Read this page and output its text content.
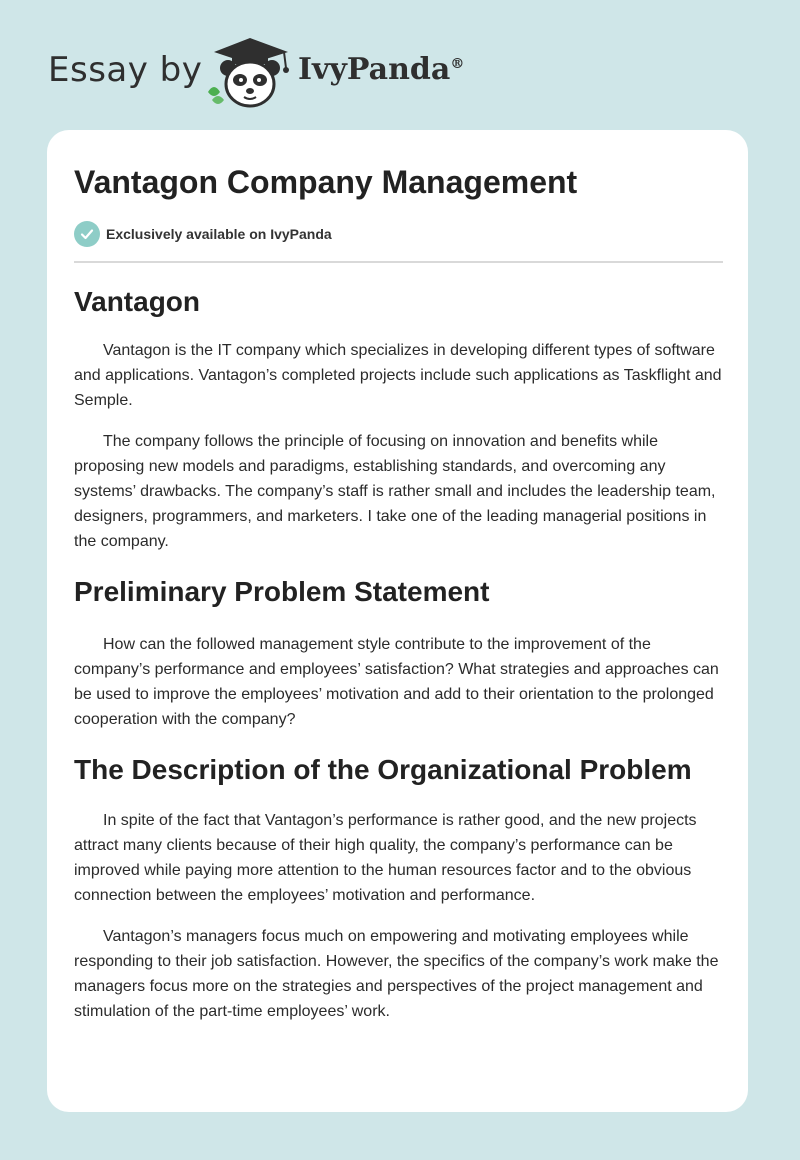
Essay by	IvyPanda®
Vantagon Company Management
Exclusively available on IvyPanda
Vantagon

Vantagon is the IT company which specializes in developing different types of software and applications. Vantagon’s completed projects include such applications as Taskflight and Semple.

The company follows the principle of focusing on innovation and benefits while proposing new models and paradigms, establishing standards, and overcoming any systems’ drawbacks. The company’s staff is rather small and includes the leadership team, designers, programmers, and marketers. I take one of the leading managerial positions in the company.

Preliminary Problem Statement

How can the followed management style contribute to the improvement of the company’s performance and employees’ satisfaction? What strategies and approaches can be used to improve the employees’ motivation and add to their orientation to the prolonged cooperation with the company?

The Description of the Organizational Problem

In spite of the fact that Vantagon’s performance is rather good, and the new projects attract many clients because of their high quality, the company’s performance can be improved while paying more attention to the human resources factor and to the obvious connection between the employees’ motivation and performance.

Vantagon’s managers focus much on empowering and motivating employees while responding to their job satisfaction. However, the specifics of the company’s work make the managers focus more on the strategies and perspectives of the project management and stimulation of the part-time employees’ work.
